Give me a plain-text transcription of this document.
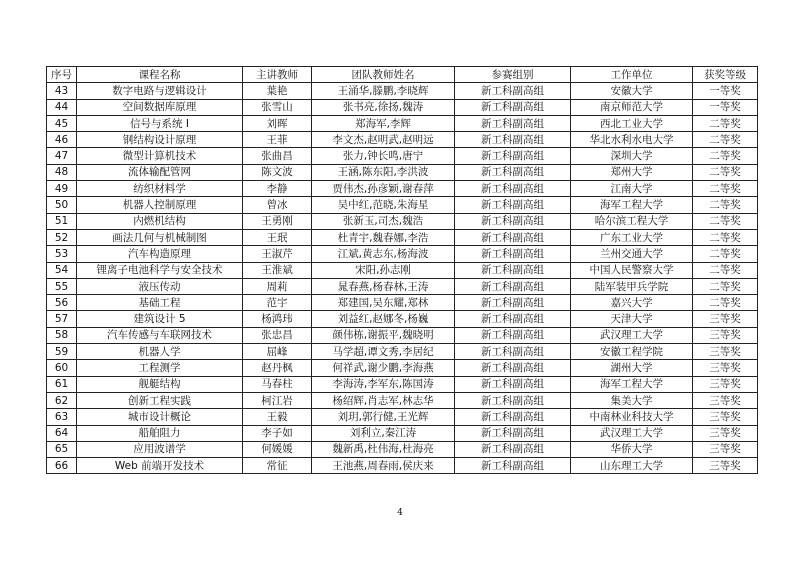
序号	课程名称	主讲教师	团队教师姓名	参赛组别	工作单位	获奖等级
43	数字电路与逻辑设计	葉艳	王涌华,滕鹏,李晓辉	新工科副高组	安徽大学	一等奖
44	空间数据库原理	张雪山	张书亮,徐扬,魏涛	新工科副高组	南京师范大学	一等奖
45	信号与系统 I	刘晖	郑海军,李辉	新工科副高组	西北工业大学	二等奖
46	钢结构设计原理	王菲	李文杰,赵明武,赵明远	新工科副高组	华北水利水电大学	二等奖
47	微型计算机技术	张曲昌	张力,钟长鸣,唐宁	新工科副高组	深圳大学	二等奖
48	流体输配管网	陈文波	王涵,陈东阳,李洪波	新工科副高组	郑州大学	二等奖
49	纺织材料学	李静	贾伟杰,孙彦颖,谢春萍	新工科副高组	江南大学	二等奖
50	机器人控制原理	曾冰	吴中红,范晓,朱海星	新工科副高组	海军工程大学	二等奖
51	内燃机结构	王勇刚	张新玉,司杰,魏浩	新工科副高组	哈尔滨工程大学	二等奖
52	画法几何与机械制图	王珉	杜青宇,魏春娜,李浩	新工科副高组	广东工业大学	二等奖
53	汽车构造原理	王淑芹	江斌,黄志东,杨海波	新工科副高组	兰州交通大学	二等奖
54	锂离子电池科学与安全技术	王淮斌	宋阳,孙志刚	新工科副高组	中国人民警察大学	二等奖
55	液压传动	周莉	晁春燕,杨春林,王涛	新工科副高组	陆军装甲兵学院	二等奖
56	基础工程	范宇	郑建国,吴东耀,郑林	新工科副高组	嘉兴大学	二等奖
57	建筑设计 5	杨鸿玮	刘益红,赵娜冬,杨巍	新工科副高组	天津大学	三等奖
58	汽车传感与车联网技术	张忠昌	颜伟栋,谢振平,魏晓明	新工科副高组	武汉理工大学	三等奖
59	机器人学	屈峰	马学超,谭文秀,李居纪	新工科副高组	安徽工程学院	三等奖
60	工程测学	赵丹枫	何祥武,谢少鹏,李海燕	新工科副高组	湖州大学	三等奖
61	舰艇结构	马春柱	李海涛,李军东,陈国涛	新工科副高组	海军工程大学	三等奖
62	创新工程实践	柯江岩	杨绍辉,肖志军,林志华	新工科副高组	集美大学	三等奖
63	城市设计概论	王毅	刘玥,郭行健,王光辉	新工科副高组	中南林业科技大学	三等奖
64	船舶阻力	李子如	刘利立,秦江涛	新工科副高组	武汉理工大学	三等奖
65	应用波谱学	何媛媛	魏新禹,杜伟海,杜海亮	新工科副高组	华侨大学	三等奖
66	Web 前端开发技术	常征	王池燕,周春雨,侯庆来	新工科副高组	山东理工大学	三等奖
4
